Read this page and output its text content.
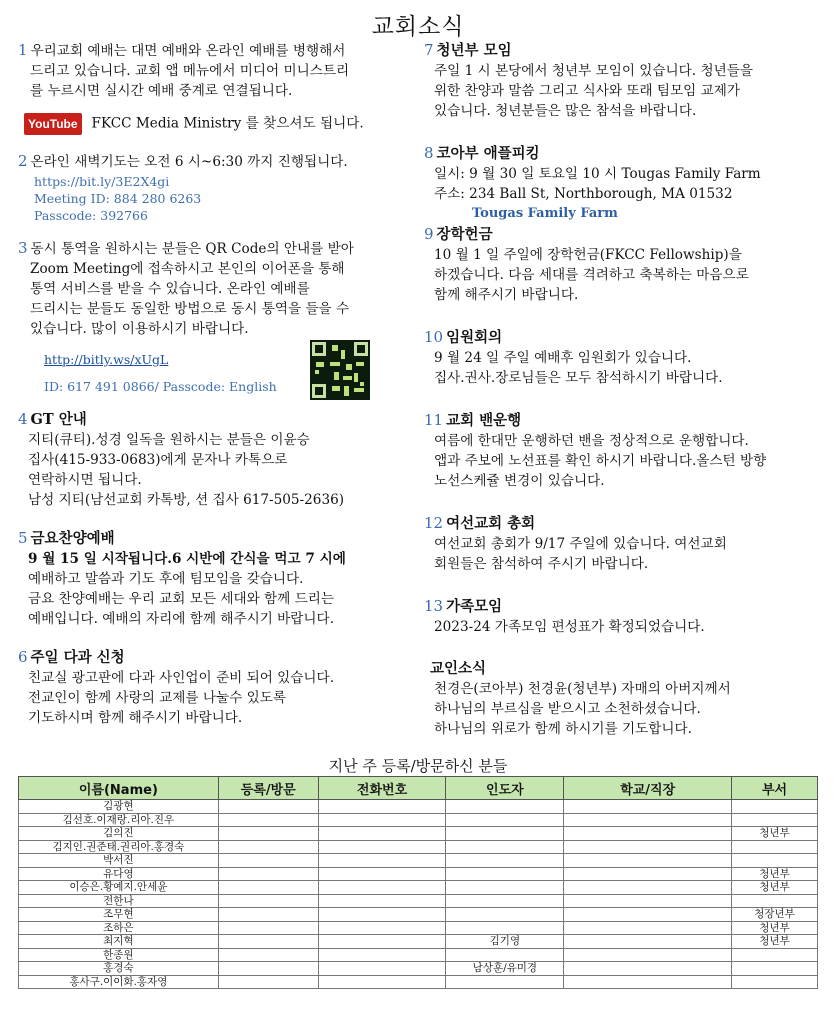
교회소식

1 우리교회 예배는 대면 예배와 온라인 예배를 병행해서

드리고 있습니다. 교회 앱 메뉴에서 미디어 미니스트리

를 누르시면 실시간 예배 중계로 연결됩니다.

YouTube FKCC Media Ministry 를 찾으셔도 됩니다.

2 온라인 새벽기도는 오전 6 시~6:30 까지 진행됩니다.

https://bit.ly/3E2X4gi
Meeting ID: 884 280 6263
Passcode: 392766

3 동시 통역을 원하시는 분들은 QR Code의 안내를 받아

Zoom Meeting에 접속하시고 본인의 이어폰을 통해

통역 서비스를 받을 수 있습니다. 온라인 예배를

드리시는 분들도 동일한 방법으로 동시 통역을 들을 수

있습니다. 많이 이용하시기 바랍니다.

http://bitly.ws/xUgL
ID: 617 491 0866/ Passcode: English
4 GT 안내

지티(큐티).성경 일독을 원하시는 분들은 이윤승

집사(415-933-0683)에게 문자나 카톡으로

연락하시면 됩니다.

남성 지티(남선교회 카톡방, 션 집사 617-505-2636)

5 금요찬양예배

9 월 15 일 시작됩니다.6 시반에 간식을 먹고 7 시에

예배하고 말씀과 기도 후에 팀모임을 갖습니다.

금요 찬양예배는 우리 교회 모든 세대와 함께 드리는

예배입니다. 예배의 자리에 함께 해주시기 바랍니다.

6 주일 다과 신청

친교실 광고판에 다과 사인업이 준비 되어 있습니다.

전교인이 함께 사랑의 교제를 나눌수 있도록

기도하시며 함께 해주시기 바랍니다.

7 청년부 모임

주일 1 시 본당에서 청년부 모임이 있습니다. 청년들을

위한 찬양과 말씀 그리고 식사와 또래 팀모임 교제가

있습니다. 청년분들은 많은 참석을 바랍니다.

8 코아부 애플피킹

일시: 9 월 30 일 토요일 10 시 Tougas Family Farm

주소: 234 Ball St, Northborough, MA 01532

Tougas Family Farm

9 장학헌금

10 월 1 일 주일에 장학헌금(FKCC Fellowship)을

하겠습니다. 다음 세대를 격려하고 축복하는 마음으로

함께 해주시기 바랍니다.

10 임원회의

9 월 24 일 주일 예배후 임원회가 있습니다.

집사.권사.장로님들은 모두 참석하시기 바랍니다.

11 교회 밴운행

여름에 한대만 운행하던 밴을 정상적으로 운행합니다.

앱과 주보에 노선표를 확인 하시기 바랍니다.올스턴 방향

노선스케쥴 변경이 있습니다.

12 여선교회 총회

여선교회 총회가 9/17 주일에 있습니다. 여선교회

회원들은 참석하여 주시기 바랍니다.

13 가족모임

2023-24 가족모임 편성표가 확정되었습니다.

교인소식

천경은(코아부) 천경윤(청년부) 자매의 아버지께서

하나님의 부르심을 받으시고 소천하셨습니다.

하나님의 위로가 함께 하시기를 기도합니다.

지난 주 등록/방문하신 분들
이름(Name)	등록/방문	전화번호	인도자	학교/직장	부서
김광현					
김선호.이재랑.리아.진우					
김의진					청년부
김지인.권준태.권리아.홍경숙					
박서진					
유다영					청년부
이승은.황예지.안세윤					청년부
전한나					
조무현					청장년부
조하은					청년부
최지혁			김기영		청년부
한종원					
홍경숙			남상훈/유미경		
홍사구.이이화.홍자영					
